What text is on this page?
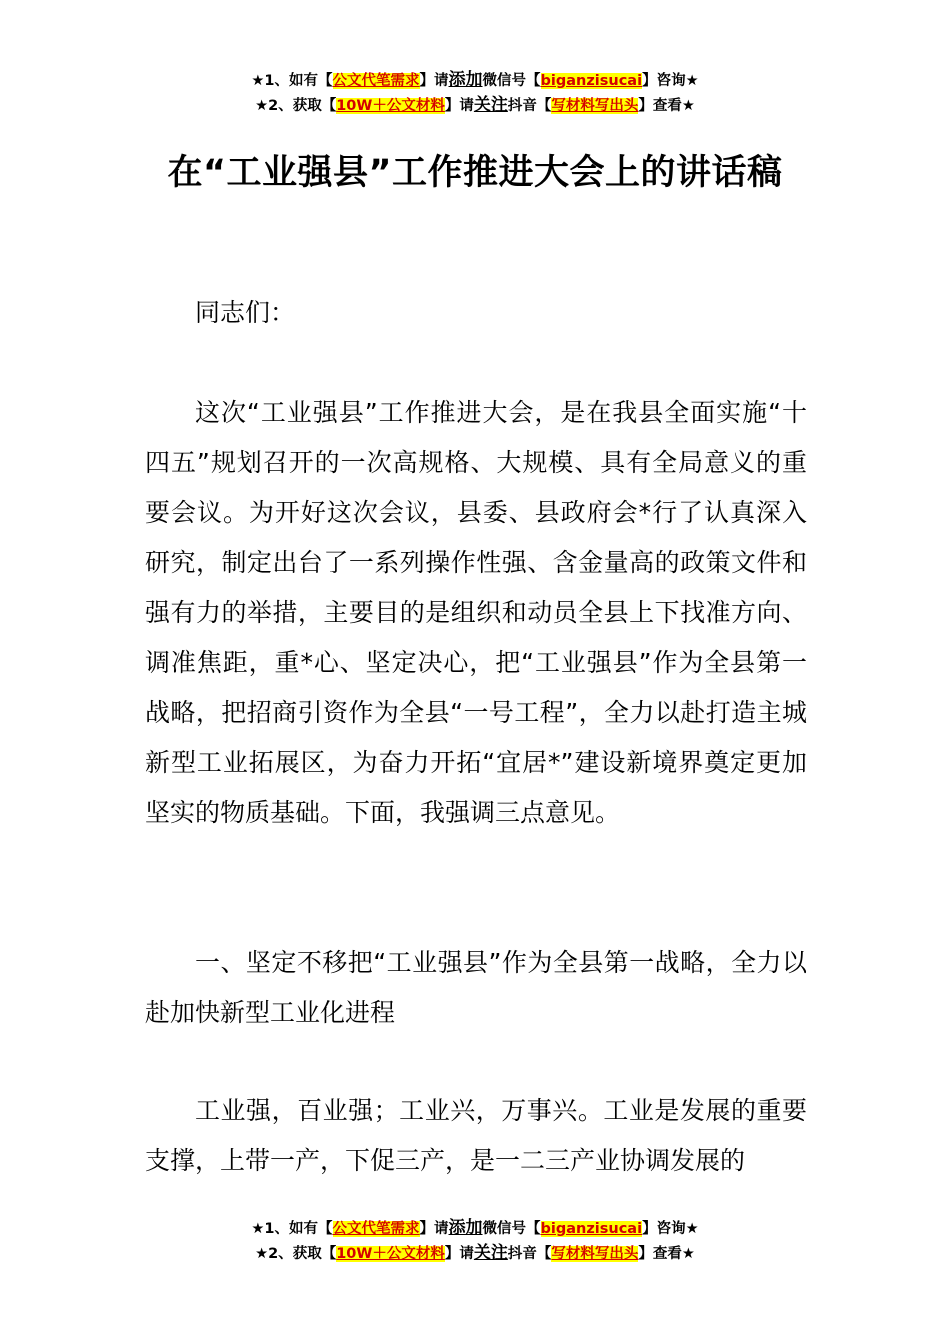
★1、如有【公文代笔需求】请添加微信号【biganzisucai】咨询★
★2、获取【10W＋公文材料】请关注抖音【写材料写出头】查看★
在“工业强县”工作推进大会上的讲话稿
同志们：
这次“工业强县”工作推进大会，是在我县全面实施“十四五”规划召开的一次高规格、大规模、具有全局意义的重要会议。为开好这次会议，县委、县政府会*行了认真深入研究，制定出台了一系列操作性强、含金量高的政策文件和强有力的举措，主要目的是组织和动员全县上下找准方向、调准焦距，重*心、坚定决心，把“工业强县”作为全县第一战略，把招商引资作为全县“一号工程”，全力以赴打造主城新型工业拓展区，为奋力开拓“宜居*”建设新境界奠定更加坚实的物质基础。下面，我强调三点意见。
一、坚定不移把“工业强县”作为全县第一战略，全力以赴加快新型工业化进程
工业强，百业强；工业兴，万事兴。工业是发展的重要支撑，上带一产，下促三产，是一二三产业协调发展的
★1、如有【公文代笔需求】请添加微信号【biganzisucai】咨询★
★2、获取【10W＋公文材料】请关注抖音【写材料写出头】查看★
